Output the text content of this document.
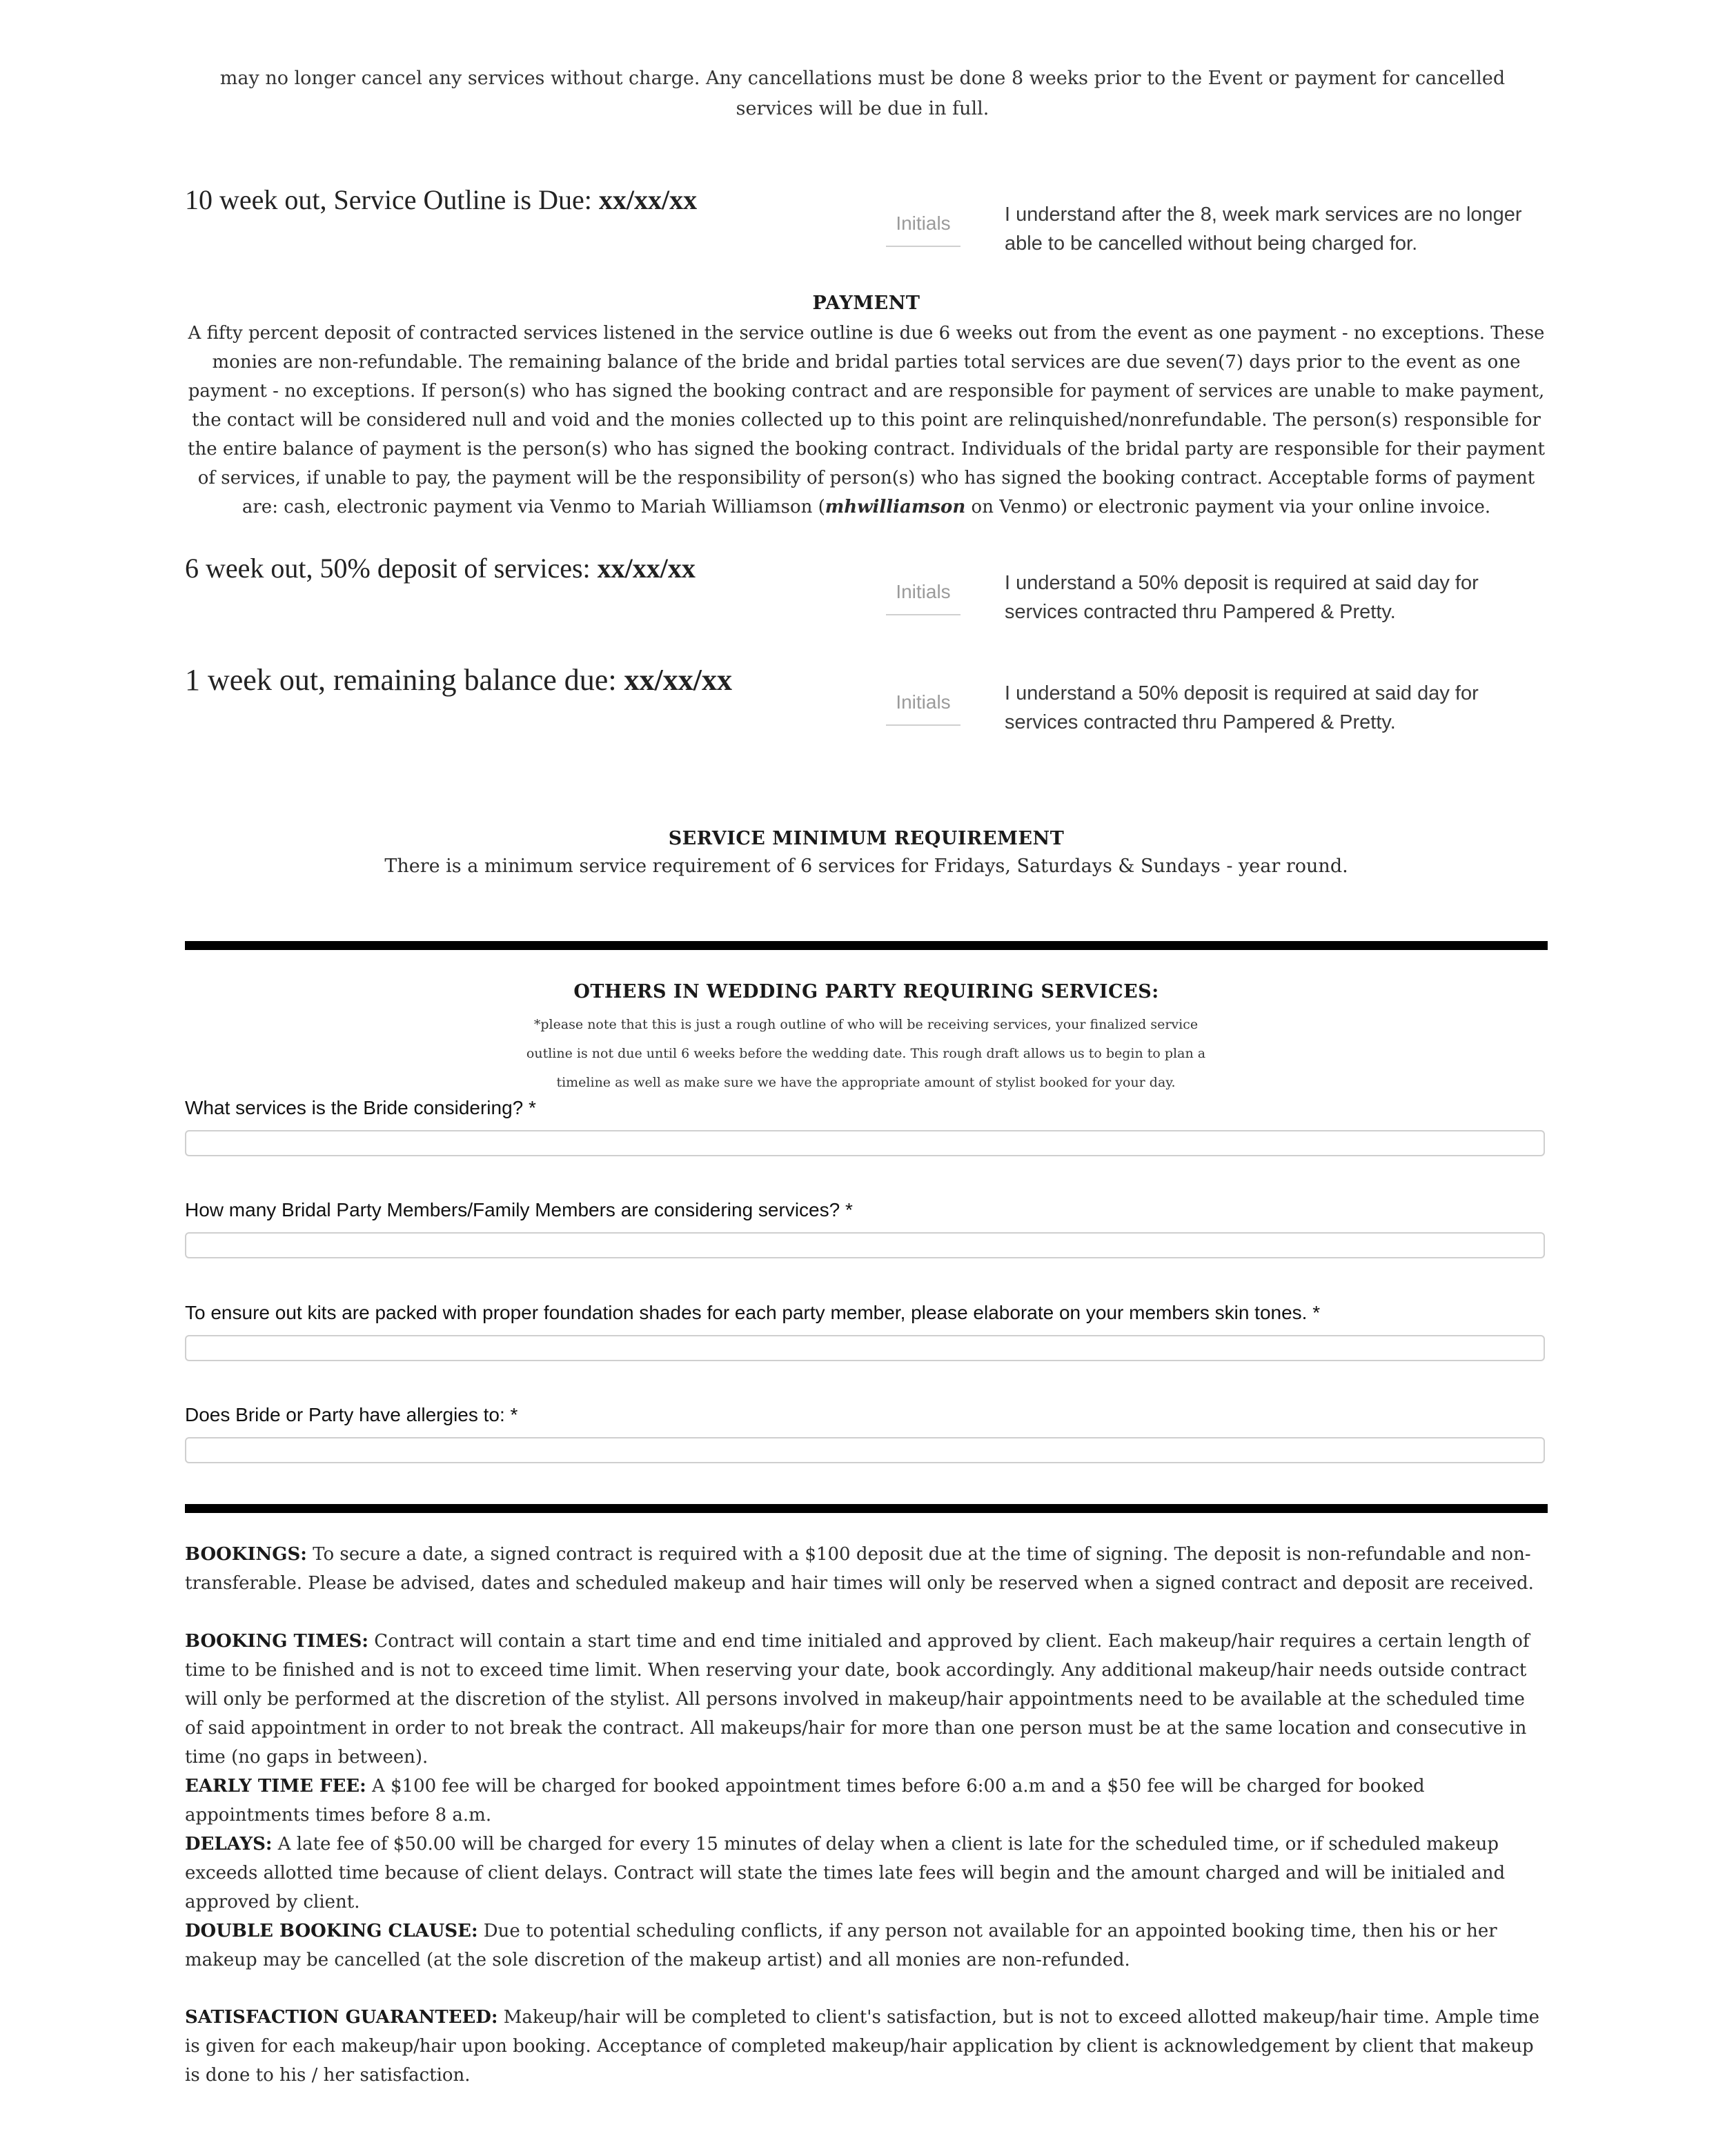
may no longer cancel any services without charge. Any cancellations must be done 8 weeks prior to the Event or payment for cancelled services will be due in full.
10 week out, Service Outline is Due: xx/xx/xx
Initials	I understand after the 8, week mark services are no longer able to be cancelled without being charged for.
PAYMENT
A fifty percent deposit of contracted services listened in the service outline is due 6 weeks out from the event as one payment - no exceptions. These monies are non-refundable. The remaining balance of the bride and bridal parties total services are due seven(7) days prior to the event as one payment - no exceptions. If person(s) who has signed the booking contract and are responsible for payment of services are unable to make payment, the contact will be considered null and void and the monies collected up to this point are relinquished/nonrefundable. The person(s) responsible for the entire balance of payment is the person(s) who has signed the booking contract. Individuals of the bridal party are responsible for their payment of services, if unable to pay, the payment will be the responsibility of person(s) who has signed the booking contract. Acceptable forms of payment are: cash, electronic payment via Venmo to Mariah Williamson (mhwilliamson on Venmo) or electronic payment via your online invoice.
6 week out, 50% deposit of services: xx/xx/xx
Initials	I understand a 50% deposit is required at said day for services contracted thru Pampered & Pretty.
1 week out, remaining balance due: xx/xx/xx
Initials	I understand a 50% deposit is required at said day for services contracted thru Pampered & Pretty.
SERVICE MINIMUM REQUIREMENT
There is a minimum service requirement of 6 services for Fridays, Saturdays & Sundays - year round.
OTHERS IN WEDDING PARTY REQUIRING SERVICES:
*please note that this is just a rough outline of who will be receiving services, your finalized service outline is not due until 6 weeks before the wedding date. This rough draft allows us to begin to plan a timeline as well as make sure we have the appropriate amount of stylist booked for your day.
What services is the Bride considering? *
How many Bridal Party Members/Family Members are considering services? *
To ensure out kits are packed with proper foundation shades for each party member, please elaborate on your members skin tones. *
Does Bride or Party have allergies to: *
BOOKINGS: To secure a date, a signed contract is required with a $100 deposit due at the time of signing. The deposit is non-refundable and non-transferable. Please be advised, dates and scheduled makeup and hair times will only be reserved when a signed contract and deposit are received.
BOOKING TIMES: Contract will contain a start time and end time initialed and approved by client. Each makeup/hair requires a certain length of time to be finished and is not to exceed time limit. When reserving your date, book accordingly. Any additional makeup/hair needs outside contract will only be performed at the discretion of the stylist. All persons involved in makeup/hair appointments need to be available at the scheduled time of said appointment in order to not break the contract. All makeups/hair for more than one person must be at the same location and consecutive in time (no gaps in between).
EARLY TIME FEE: A $100 fee will be charged for booked appointment times before 6:00 a.m and a $50 fee will be charged for booked appointments times before 8 a.m.
DELAYS: A late fee of $50.00 will be charged for every 15 minutes of delay when a client is late for the scheduled time, or if scheduled makeup exceeds allotted time because of client delays. Contract will state the times late fees will begin and the amount charged and will be initialed and approved by client.
DOUBLE BOOKING CLAUSE: Due to potential scheduling conflicts, if any person not available for an appointed booking time, then his or her makeup may be cancelled (at the sole discretion of the makeup artist) and all monies are non-refunded.
SATISFACTION GUARANTEED: Makeup/hair will be completed to client's satisfaction, but is not to exceed allotted makeup/hair time. Ample time is given for each makeup/hair upon booking. Acceptance of completed makeup/hair application by client is acknowledgement by client that makeup is done to his / her satisfaction.
